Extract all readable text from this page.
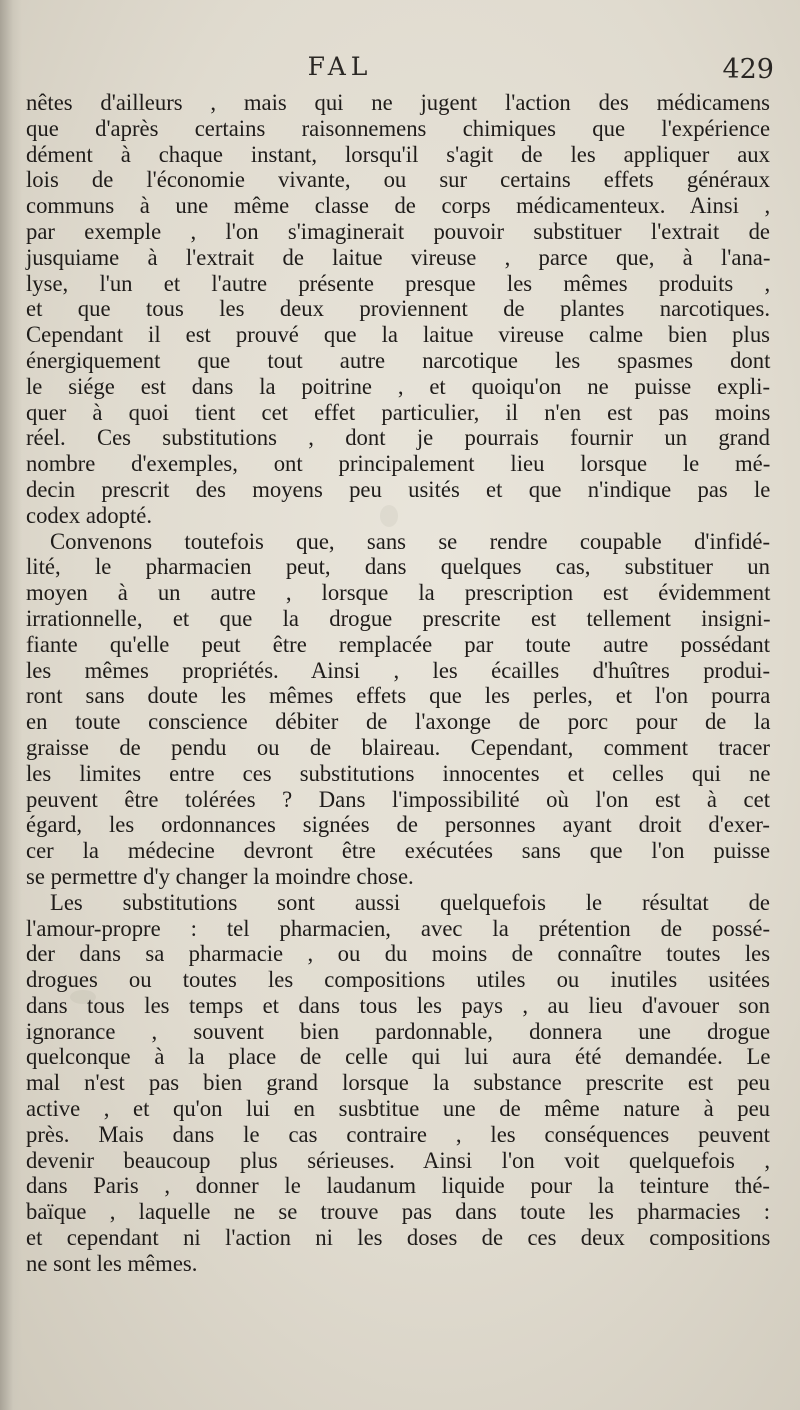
FAL	429
nêtes d'ailleurs , mais qui ne jugent l'action des médicamens
que d'après certains raisonnemens chimiques que l'expérience
dément à chaque instant, lorsqu'il s'agit de les appliquer aux
lois de l'économie vivante, ou sur certains effets généraux
communs à une même classe de corps médicamenteux. Ainsi ,
par exemple , l'on s'imaginerait pouvoir substituer l'extrait de
jusquiame à l'extrait de laitue vireuse , parce que, à l'ana-
lyse, l'un et l'autre présente presque les mêmes produits ,
et que tous les deux proviennent de plantes narcotiques.
Cependant il est prouvé que la laitue vireuse calme bien plus
énergiquement que tout autre narcotique les spasmes dont
le siége est dans la poitrine , et quoiqu'on ne puisse expli-
quer à quoi tient cet effet particulier, il n'en est pas moins
réel. Ces substitutions , dont je pourrais fournir un grand
nombre d'exemples, ont principalement lieu lorsque le mé-
decin prescrit des moyens peu usités et que n'indique pas le
codex adopté.
Convenons toutefois que, sans se rendre coupable d'infidé-
lité, le pharmacien peut, dans quelques cas, substituer un
moyen à un autre , lorsque la prescription est évidemment
irrationnelle, et que la drogue prescrite est tellement insigni-
fiante qu'elle peut être remplacée par toute autre possédant
les mêmes propriétés. Ainsi , les écailles d'huîtres produi-
ront sans doute les mêmes effets que les perles, et l'on pourra
en toute conscience débiter de l'axonge de porc pour de la
graisse de pendu ou de blaireau. Cependant, comment tracer
les limites entre ces substitutions innocentes et celles qui ne
peuvent être tolérées ? Dans l'impossibilité où l'on est à cet
égard, les ordonnances signées de personnes ayant droit d'exer-
cer la médecine devront être exécutées sans que l'on puisse
se permettre d'y changer la moindre chose.
Les substitutions sont aussi quelquefois le résultat de
l'amour-propre : tel pharmacien, avec la prétention de possé-
der dans sa pharmacie , ou du moins de connaître toutes les
drogues ou toutes les compositions utiles ou inutiles usitées
dans tous les temps et dans tous les pays , au lieu d'avouer son
ignorance , souvent bien pardonnable, donnera une drogue
quelconque à la place de celle qui lui aura été demandée. Le
mal n'est pas bien grand lorsque la substance prescrite est peu
active , et qu'on lui en susbtitue une de même nature à peu
près. Mais dans le cas contraire , les conséquences peuvent
devenir beaucoup plus sérieuses. Ainsi l'on voit quelquefois ,
dans Paris , donner le laudanum liquide pour la teinture thé-
baïque , laquelle ne se trouve pas dans toute les pharmacies :
et cependant ni l'action ni les doses de ces deux compositions
ne sont les mêmes.
